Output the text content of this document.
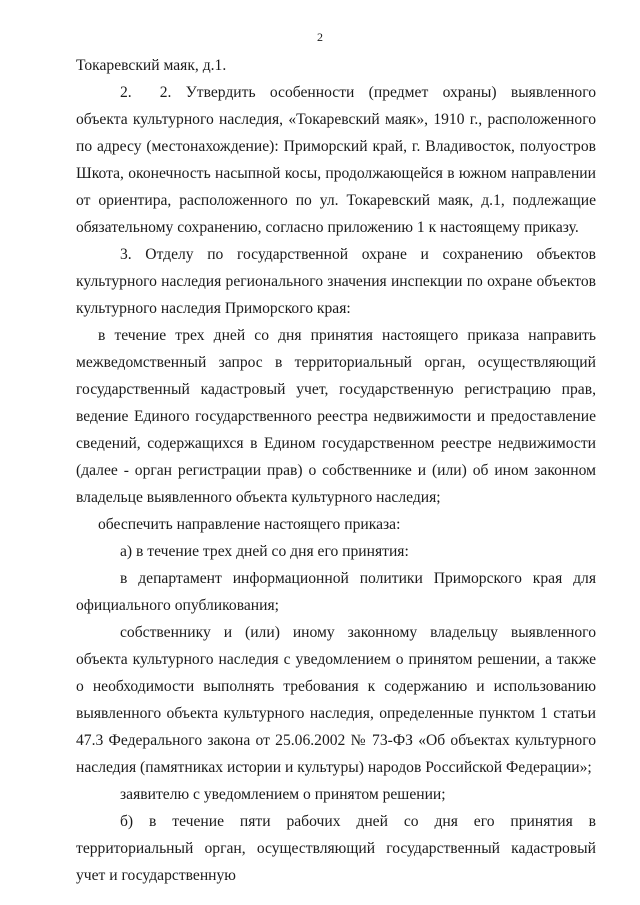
2

Токаревский маяк, д.1.

2. 2. Утвердить особенности (предмет охраны) выявленного объекта культурного наследия, «Токаревский маяк», 1910 г., расположенного по адресу (местонахождение): Приморский край, г. Владивосток, полуостров Шкота, оконечность насыпной косы, продолжающейся в южном направлении от ориентира, расположенного по ул. Токаревский маяк, д.1, подлежащие обязательному сохранению, согласно приложению 1 к настоящему приказу.

3. Отделу по государственной охране и сохранению объектов культурного наследия регионального значения инспекции по охране объектов культурного наследия Приморского края:

в течение трех дней со дня принятия настоящего приказа направить межведомственный запрос в территориальный орган, осуществляющий государственный кадастровый учет, государственную регистрацию прав, ведение Единого государственного реестра недвижимости и предоставление сведений, содержащихся в Едином государственном реестре недвижимости (далее - орган регистрации прав) о собственнике и (или) об ином законном владельце выявленного объекта культурного наследия;

обеспечить направление настоящего приказа:

а) в течение трех дней со дня его принятия:

в департамент информационной политики Приморского края для официального опубликования;

собственнику и (или) иному законному владельцу выявленного объекта культурного наследия с уведомлением о принятом решении, а также о необходимости выполнять требования к содержанию и использованию выявленного объекта культурного наследия, определенные пунктом 1 статьи 47.3 Федерального закона от 25.06.2002 № 73-ФЗ «Об объектах культурного наследия (памятниках истории и культуры) народов Российской Федерации»;

заявителю с уведомлением о принятом решении;

б) в течение пяти рабочих дней со дня его принятия в территориальный орган, осуществляющий государственный кадастровый учет и государственную
